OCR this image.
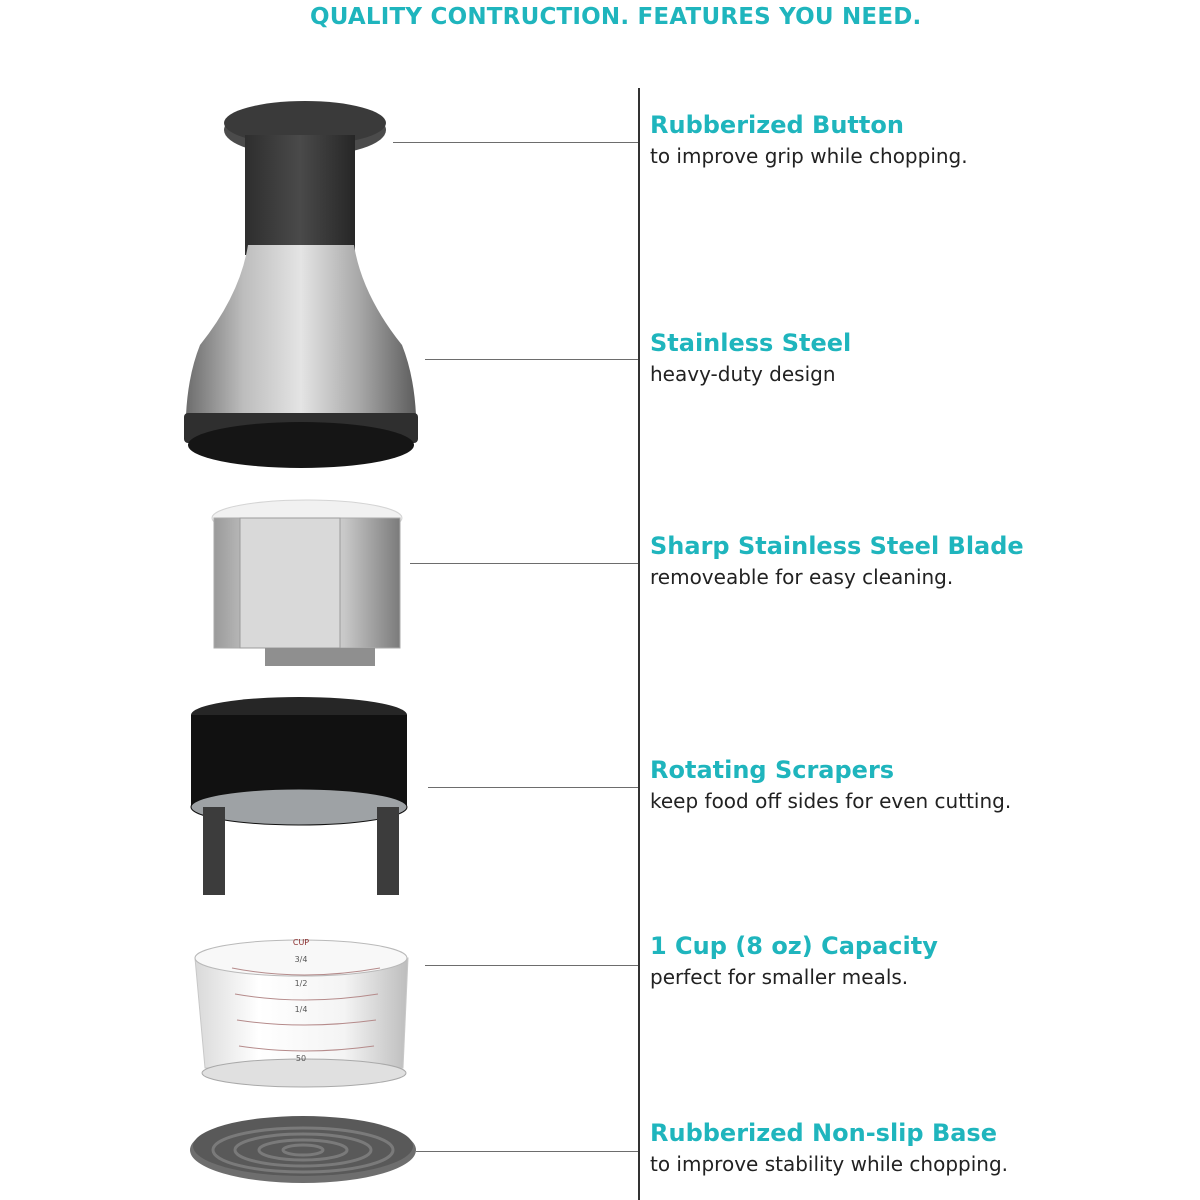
QUALITY CONTRUCTION. FEATURES YOU NEED.
Rubberized Button
to improve grip while chopping.
Stainless Steel
heavy-duty design
Sharp Stainless Steel Blade
removeable for easy cleaning.
Rotating Scrapers
keep food off sides for even cutting.
1 Cup (8 oz) Capacity
perfect for smaller meals.
Rubberized Non-slip Base
to improve stability while chopping.
CUP
3/4
1/2
1/4
50
